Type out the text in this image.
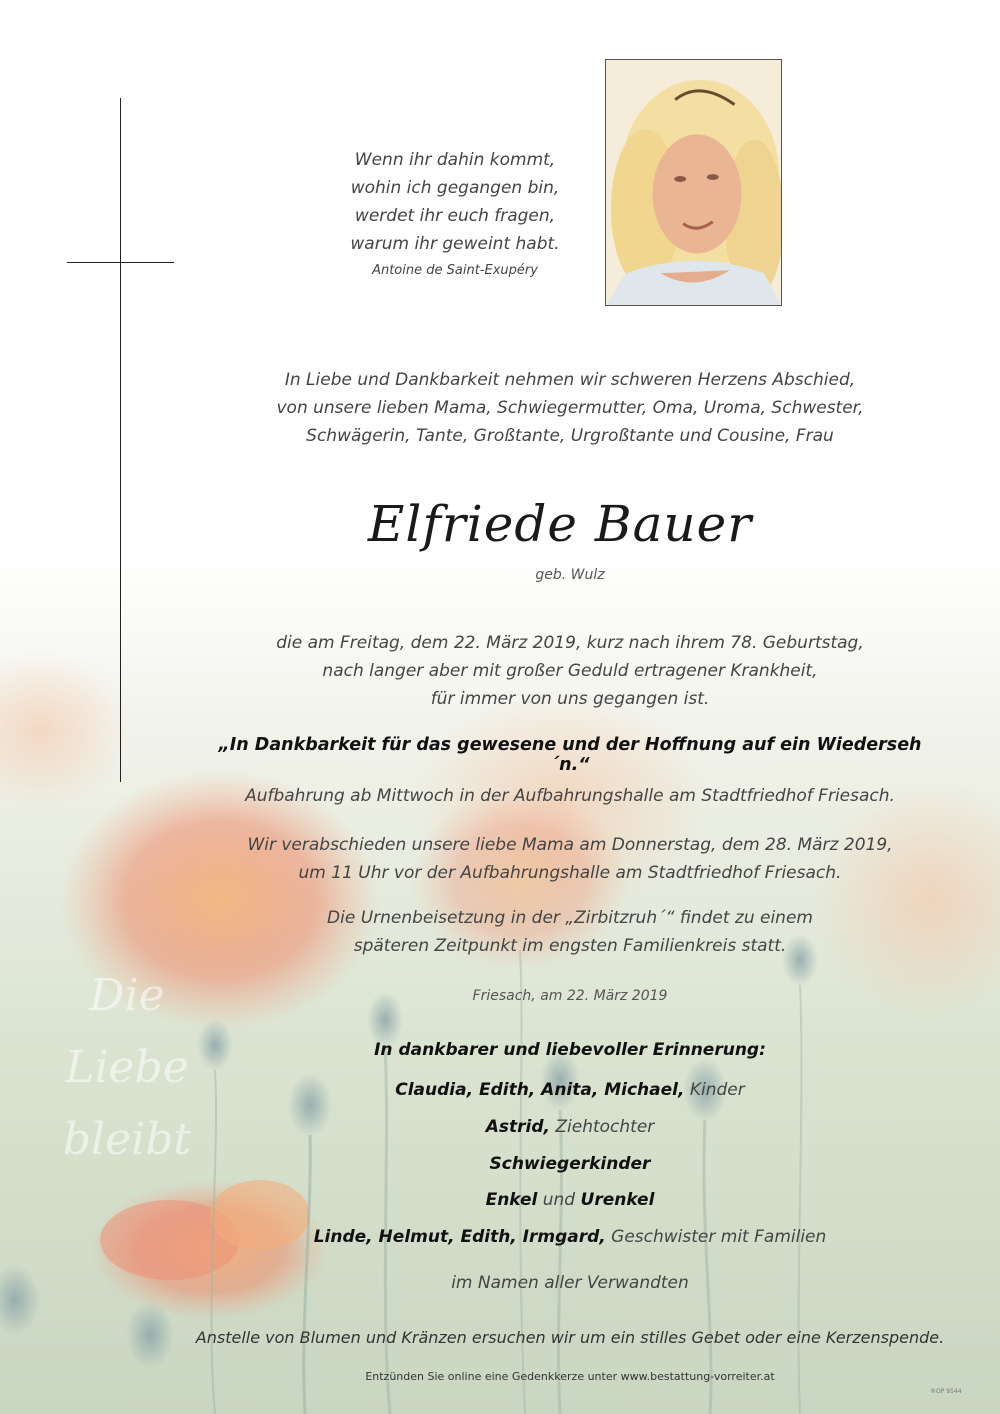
Die
Liebe
bleibt
Wenn ihr dahin kommt,
wohin ich gegangen bin,
werdet ihr euch fragen,
warum ihr geweint habt.
Antoine de Saint-Exupéry
In Liebe und Dankbarkeit nehmen wir schweren Herzens Abschied,
von unsere lieben Mama, Schwiegermutter, Oma, Uroma, Schwester,
Schwägerin, Tante, Großtante, Urgroßtante und Cousine, Frau
Elfriede Bauer
geb. Wulz
die am Freitag, dem 22. März 2019, kurz nach ihrem 78. Geburtstag,
nach langer aber mit großer Geduld ertragener Krankheit,
für immer von uns gegangen ist.
„In Dankbarkeit für das gewesene und der Hoffnung auf ein Wiederseh´n.“
Aufbahrung ab Mittwoch in der Aufbahrungshalle am Stadtfriedhof Friesach.
Wir verabschieden unsere liebe Mama am Donnerstag, dem 28. März 2019,
um 11 Uhr vor der Aufbahrungshalle am Stadtfriedhof Friesach.
Die Urnenbeisetzung in der „Zirbitzruh´“ findet zu einem
späteren Zeitpunkt im engsten Familienkreis statt.
Friesach, am 22. März 2019
In dankbarer und liebevoller Erinnerung:
Claudia, Edith, Anita, Michael, Kinder
Astrid, Ziehtochter
Schwiegerkinder
Enkel und Urenkel
Linde, Helmut, Edith, Irmgard, Geschwister mit Familien
im Namen aller Verwandten
Anstelle von Blumen und Kränzen ersuchen wir um ein stilles Gebet oder eine Kerzenspende.
Entzünden Sie online eine Gedenkkerze unter www.bestattung-vorreiter.at
®OP 9544
